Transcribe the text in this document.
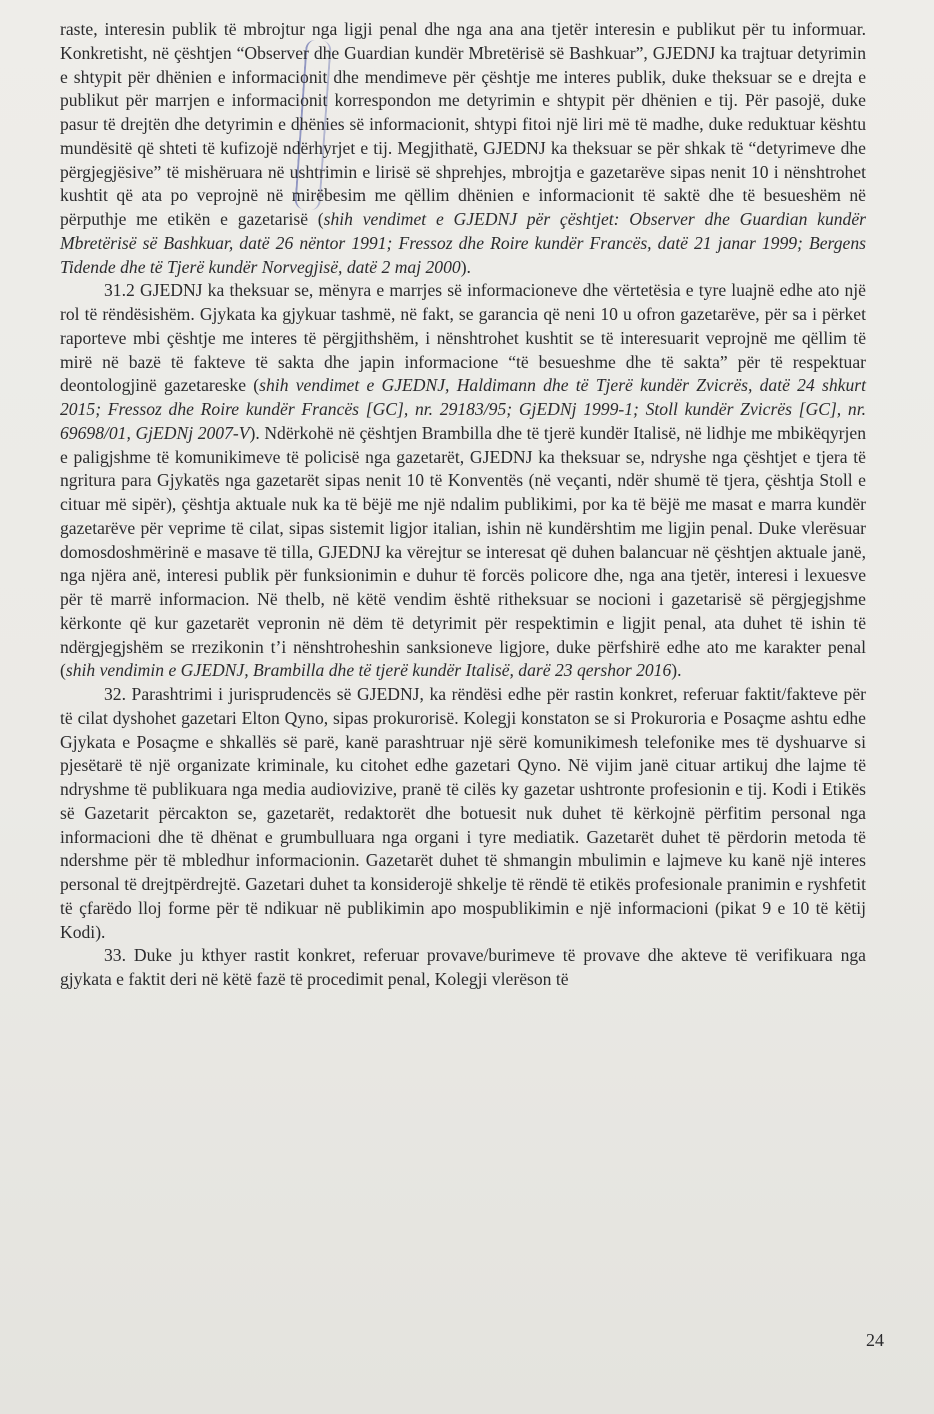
raste, interesin publik të mbrojtur nga ligji penal dhe nga ana ana tjetër interesin e publikut për tu informuar. Konkretisht, në çështjen “Observer dhe Guardian kundër Mbretërisë së Bashkuar”, GJEDNJ ka trajtuar detyrimin e shtypit për dhënien e informacionit dhe mendimeve për çështje me interes publik, duke theksuar se e drejta e publikut për marrjen e informacionit korrespondon me detyrimin e shtypit për dhënien e tij. Për pasojë, duke pasur të drejtën dhe detyrimin e dhënies së informacionit, shtypi fitoi një liri më të madhe, duke reduktuar kështu mundësitë që shteti të kufizojë ndërhyrjet e tij. Megjithatë, GJEDNJ ka theksuar se për shkak të “detyrimeve dhe përgjegjësive” të mishëruara në ushtrimin e lirisë së shprehjes, mbrojtja e gazetarëve sipas nenit 10 i nënshtrohet kushtit që ata po veprojnë në mirëbesim me qëllim dhënien e informacionit të saktë dhe të besueshëm në përputhje me etikën e gazetarisë (shih vendimet e GJEDNJ për çështjet: Observer dhe Guardian kundër Mbretërisë së Bashkuar, datë 26 nëntor 1991; Fressoz dhe Roire kundër Francës, datë 21 janar 1999; Bergens Tidende dhe të Tjerë kundër Norvegjisë, datë 2 maj 2000).

31.2 GJEDNJ ka theksuar se, mënyra e marrjes së informacioneve dhe vërtetësia e tyre luajnë edhe ato një rol të rëndësishëm. Gjykata ka gjykuar tashmë, në fakt, se garancia që neni 10 u ofron gazetarëve, për sa i përket raporteve mbi çështje me interes të përgjithshëm, i nënshtrohet kushtit se të interesuarit veprojnë me qëllim të mirë në bazë të fakteve të sakta dhe japin informacione “të besueshme dhe të sakta” për të respektuar deontologjinë gazetareske (shih vendimet e GJEDNJ, Haldimann dhe të Tjerë kundër Zvicrës, datë 24 shkurt 2015; Fressoz dhe Roire kundër Francës [GC], nr. 29183/95; GjEDNj 1999-1; Stoll kundër Zvicrës [GC], nr. 69698/01, GjEDNj 2007-V). Ndërkohë në çështjen Brambilla dhe të tjerë kundër Italisë, në lidhje me mbikëqyrjen e paligjshme të komunikimeve të policisë nga gazetarët, GJEDNJ ka theksuar se, ndryshe nga çështjet e tjera të ngritura para Gjykatës nga gazetarët sipas nenit 10 të Konventës (në veçanti, ndër shumë të tjera, çështja Stoll e cituar më sipër), çështja aktuale nuk ka të bëjë me një ndalim publikimi, por ka të bëjë me masat e marra kundër gazetarëve për veprime të cilat, sipas sistemit ligjor italian, ishin në kundërshtim me ligjin penal. Duke vlerësuar domosdoshmërinë e masave të tilla, GJEDNJ ka vërejtur se interesat që duhen balancuar në çështjen aktuale janë, nga njëra anë, interesi publik për funksionimin e duhur të forcës policore dhe, nga ana tjetër, interesi i lexuesve për të marrë informacion. Në thelb, në këtë vendim është ritheksuar se nocioni i gazetarisë së përgjegjshme kërkonte që kur gazetarët vepronin në dëm të detyrimit për respektimin e ligjit penal, ata duhet të ishin të ndërgjegjshëm se rrezikonin t’i nënshtroheshin sanksioneve ligjore, duke përfshirë edhe ato me karakter penal (shih vendimin e GJEDNJ, Brambilla dhe të tjerë kundër Italisë, darë 23 qershor 2016).

32. Parashtrimi i jurisprudencës së GJEDNJ, ka rëndësi edhe për rastin konkret, referuar faktit/fakteve për të cilat dyshohet gazetari Elton Qyno, sipas prokurorisë. Kolegji konstaton se si Prokuroria e Posaçme ashtu edhe Gjykata e Posaçme e shkallës së parë, kanë parashtruar një sërë komunikimesh telefonike mes të dyshuarve si pjesëtarë të një organizate kriminale, ku citohet edhe gazetari Qyno. Në vijim janë cituar artikuj dhe lajme të ndryshme të publikuara nga media audiovizive, pranë të cilës ky gazetar ushtronte profesionin e tij. Kodi i Etikës së Gazetarit përcakton se, gazetarët, redaktorët dhe botuesit nuk duhet të kërkojnë përfitim personal nga informacioni dhe të dhënat e grumbulluara nga organi i tyre mediatik. Gazetarët duhet të përdorin metoda të ndershme për të mbledhur informacionin. Gazetarët duhet të shmangin mbulimin e lajmeve ku kanë një interes personal të drejtpërdrejtë. Gazetari duhet ta konsiderojë shkelje të rëndë të etikës profesionale pranimin e ryshfetit të çfarëdo lloj forme për të ndikuar në publikimin apo mospublikimin e një informacioni (pikat 9 e 10 të këtij Kodi).

33. Duke ju kthyer rastit konkret, referuar provave/burimeve të provave dhe akteve të verifikuara nga gjykata e faktit deri në këtë fazë të procedimit penal, Kolegji vlerëson të

24
